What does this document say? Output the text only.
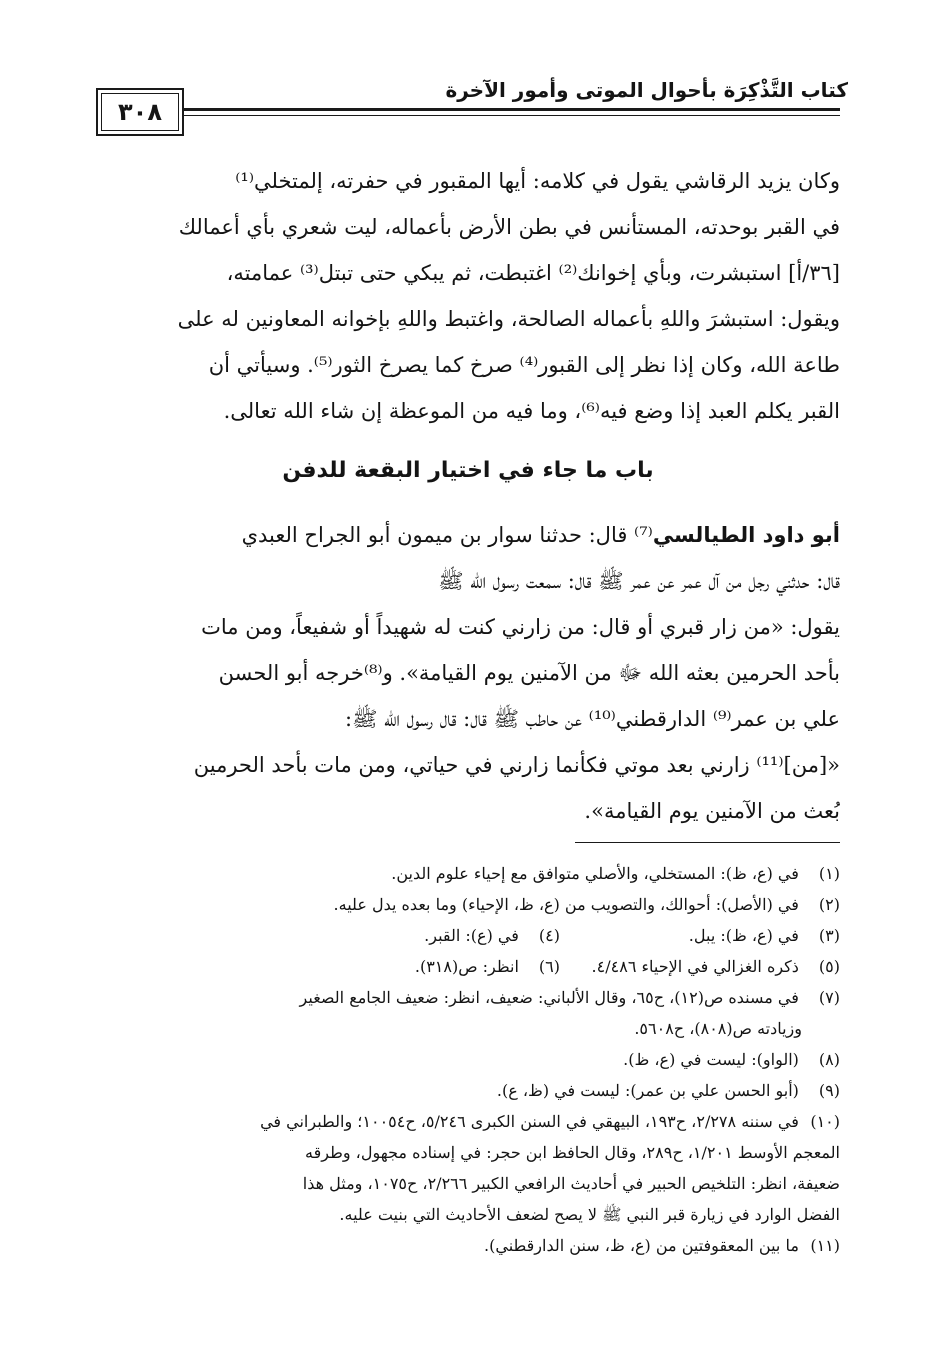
كتاب التَّذْكِرَة بأحوال الموتى وأمور الآخرة
٣٠٨
وكان يزيد الرقاشي يقول في كلامه: أيها المقبور في حفرته، إلمتخلي⁽¹⁾
في القبر بوحدته، المستأنس في بطن الأرض بأعماله، ليت شعري بأي أعمالك
[٣٦/أ] استبشرت، وبأي إخوانك⁽²⁾ اغتبطت، ثم يبكي حتى تبتل⁽³⁾ عمامته،
ويقول: استبشرَ واللهِ بأعماله الصالحة، واغتبط واللهِ بإخوانه المعاونين له على
طاعة الله، وكان إذا نظر إلى القبور⁽⁴⁾ صرخ كما يصرخ الثور⁽⁵⁾. وسيأتي أن
القبر يكلم العبد إذا وضع فيه⁽⁶⁾، وما فيه من الموعظة إن شاء الله تعالى.
باب ما جاء في اختيار البقعة للدفن
أبو داود الطيالسي⁽⁷⁾ قال: حدثنا سوار بن ميمون أبو الجراح العبدي
قال: حدثني رجل من آل عمر عن عمر ﷺ قال: سمعت رسول الله ﷺ
يقول: «من زار قبري أو قال: من زارني كنت له شهيداً أو شفيعاً، ومن مات
بأحد الحرمين بعثه الله ﷻ من الآمنين يوم القيامة». و⁽⁸⁾خرجه أبو الحسن
علي بن عمر⁽⁹⁾ الدارقطني⁽¹⁰⁾ عن حاطب ﷺ قال: قال رسول الله ﷺ:
«[من]⁽¹¹⁾ زارني بعد موتي فكأنما زارني في حياتي، ومن مات بأحد الحرمين
بُعث من الآمنين يوم القيامة».
(١) في (ع، ظ): المستخلي، والأصلي متوافق مع إحياء علوم الدين.
(٢) في (الأصل): أحوالك، والتصويب من (ع، ظ، الإحياء) وما بعده يدل عليه.
(٣) في (ع، ظ): يبل.
(٤) في (ع): القبر.
(٥) ذكره الغزالي في الإحياء ٤/٤٨٦.
(٦) انظر: ص(٣١٨).
(٧) في مسنده ص(١٢)، ح٦٥، وقال الألباني: ضعيف، انظر: ضعيف الجامع الصغير
وزيادته ص(٨٠٨)، ح٥٦٠٨.
(٨) (الواو): ليست في (ع، ظ).
(٩) (أبو الحسن علي بن عمر): ليست في (ظ، ع).
(١٠) في سننه ٢/٢٧٨، ح١٩٣، البيهقي في السنن الكبرى ٥/٢٤٦، ح١٠٠٥٤؛ والطبراني في
المعجم الأوسط ١/٢٠١، ح٢٨٩، وقال الحافظ ابن حجر: في إسناده مجهول، وطرقه
ضعيفة، انظر: التلخيص الحبير في أحاديث الرافعي الكبير ٢/٢٦٦، ح١٠٧٥، ومثل هذا
الفضل الوارد في زيارة قبر النبي ﷺ لا يصح لضعف الأحاديث التي بنيت عليه.
(١١) ما بين المعقوفتين من (ع، ظ، سنن الدارقطني).
